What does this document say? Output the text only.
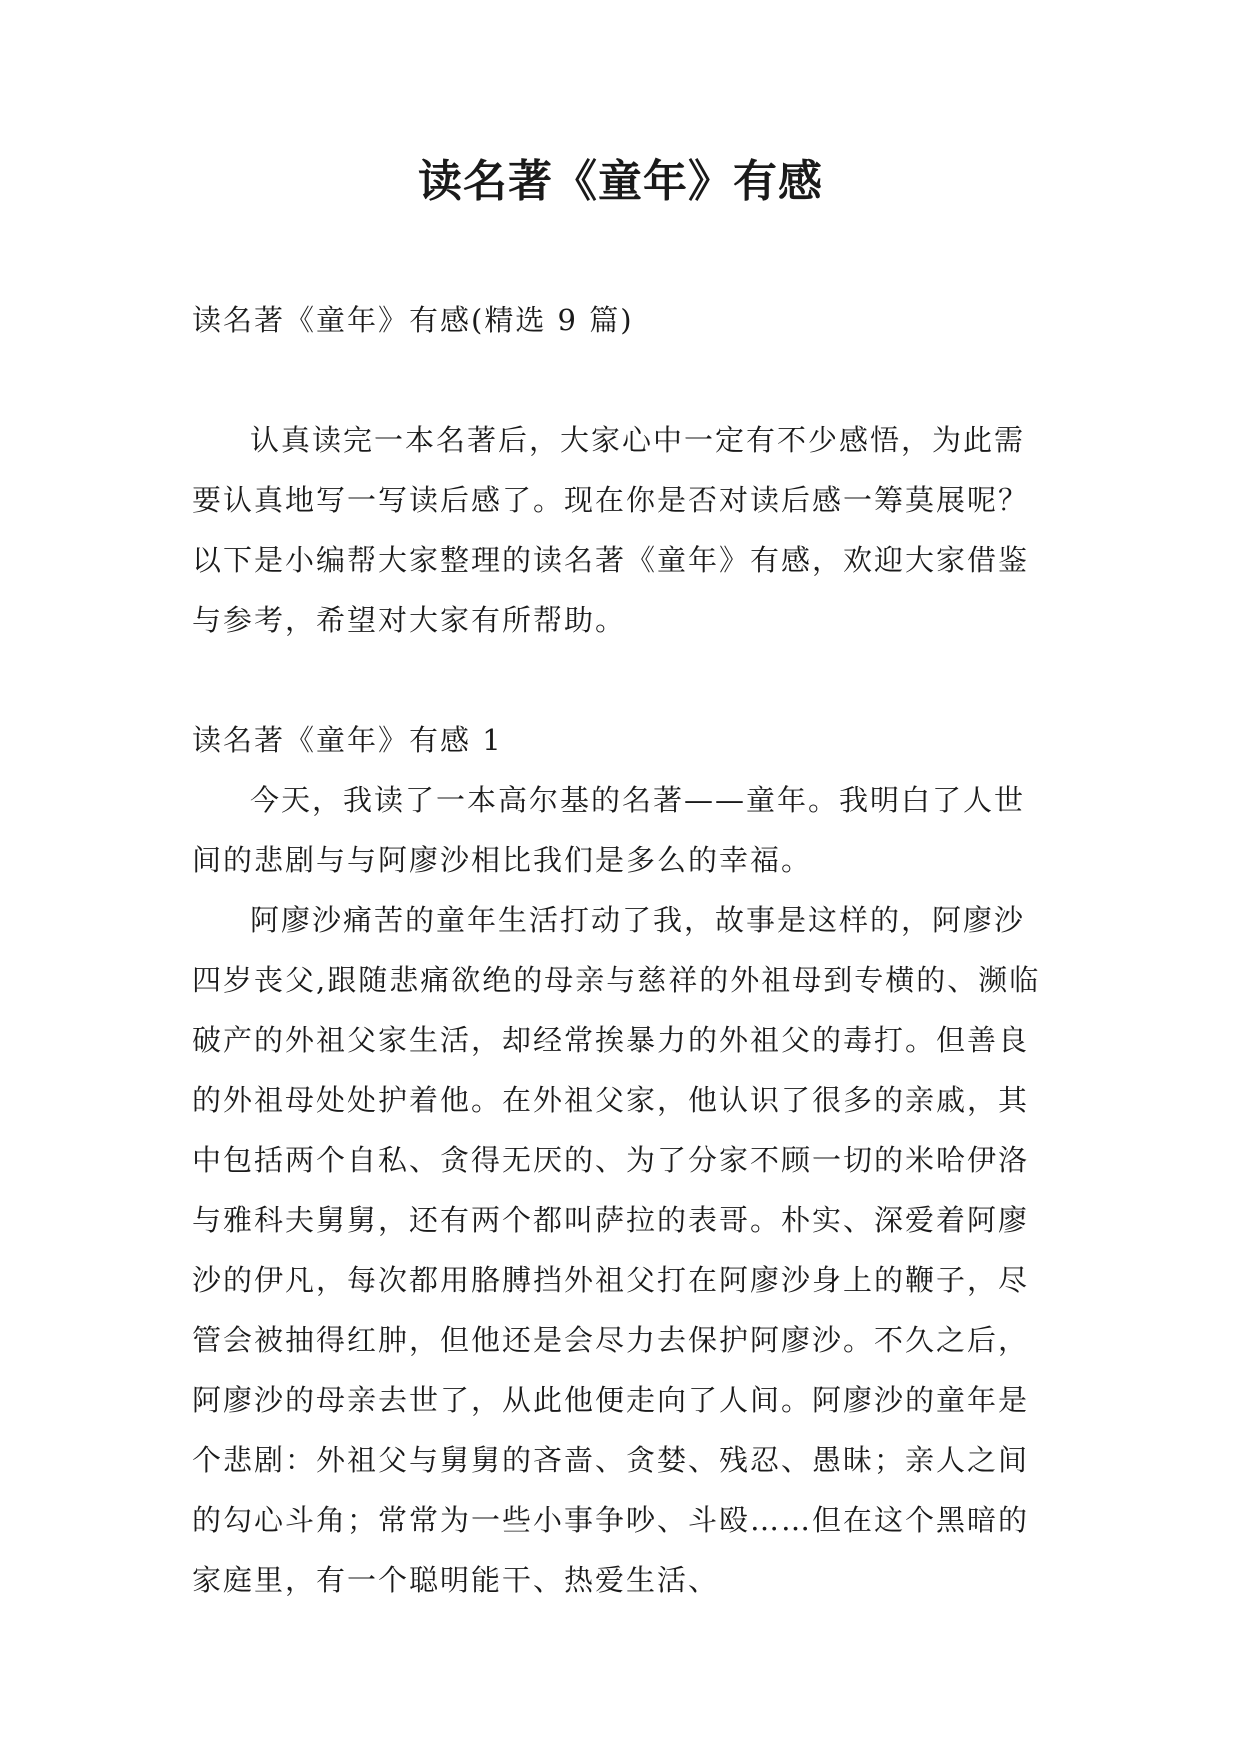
读名著《童年》有感

读名著《童年》有感(精选 9 篇)

认真读完一本名著后，大家心中一定有不少感悟，为此需要认真地写一写读后感了。现在你是否对读后感一筹莫展呢？以下是小编帮大家整理的读名著《童年》有感，欢迎大家借鉴与参考，希望对大家有所帮助。

读名著《童年》有感 1

今天，我读了一本高尔基的名著——童年。我明白了人世间的悲剧与与阿廖沙相比我们是多么的幸福。

阿廖沙痛苦的童年生活打动了我，故事是这样的，阿廖沙四岁丧父,跟随悲痛欲绝的母亲与慈祥的外祖母到专横的、濒临破产的外祖父家生活，却经常挨暴力的外祖父的毒打。但善良的外祖母处处护着他。在外祖父家，他认识了很多的亲戚，其中包括两个自私、贪得无厌的、为了分家不顾一切的米哈伊洛与雅科夫舅舅，还有两个都叫萨拉的表哥。朴实、深爱着阿廖沙的伊凡，每次都用胳膊挡外祖父打在阿廖沙身上的鞭子，尽管会被抽得红肿，但他还是会尽力去保护阿廖沙。不久之后，阿廖沙的母亲去世了，从此他便走向了人间。阿廖沙的童年是个悲剧：外祖父与舅舅的吝啬、贪婪、残忍、愚昧；亲人之间的勾心斗角；常常为一些小事争吵、斗殴……但在这个黑暗的家庭里，有一个聪明能干、热爱生活、
